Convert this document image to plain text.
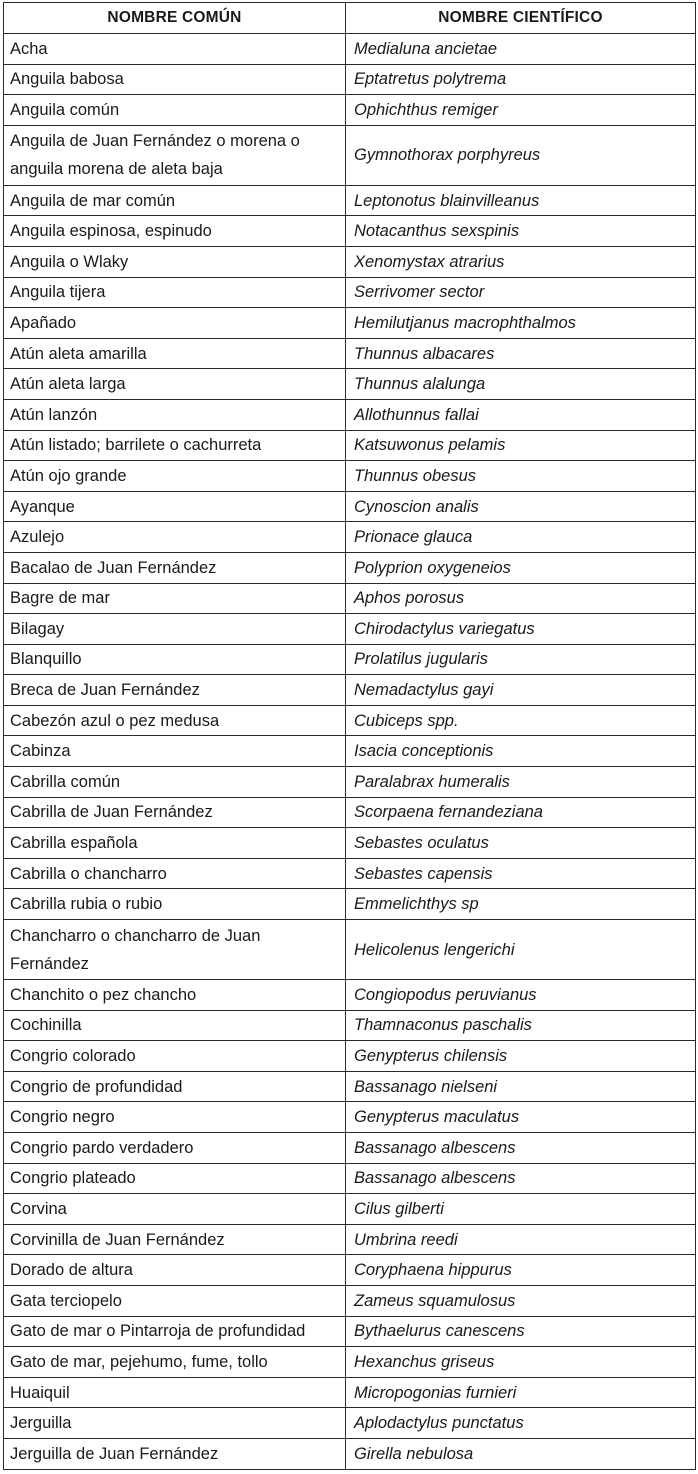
NOMBRE COMÚN	NOMBRE CIENTÍFICO
Acha	Medialuna ancietae
Anguila babosa	Eptatretus polytrema
Anguila común	Ophichthus remiger
Anguila de Juan Fernández o morena o anguila morena de aleta baja	Gymnothorax porphyreus
Anguila de mar común	Leptonotus blainvilleanus
Anguila espinosa, espinudo	Notacanthus sexspinis
Anguila o Wlaky	Xenomystax atrarius
Anguila tijera	Serrivomer sector
Apañado	Hemilutjanus macrophthalmos
Atún aleta amarilla	Thunnus albacares
Atún aleta larga	Thunnus alalunga
Atún lanzón	Allothunnus fallai
Atún listado; barrilete o cachurreta	Katsuwonus pelamis
Atún ojo grande	Thunnus obesus
Ayanque	Cynoscion analis
Azulejo	Prionace glauca
Bacalao de Juan Fernández	Polyprion oxygeneios
Bagre de mar	Aphos porosus
Bilagay	Chirodactylus variegatus
Blanquillo	Prolatilus jugularis
Breca de Juan Fernández	Nemadactylus gayi
Cabezón azul o pez medusa	Cubiceps spp.
Cabinza	Isacia conceptionis
Cabrilla común	Paralabrax humeralis
Cabrilla de Juan Fernández	Scorpaena fernandeziana
Cabrilla española	Sebastes oculatus
Cabrilla o chancharro	Sebastes capensis
Cabrilla rubia o rubio	Emmelichthys sp
Chancharro o chancharro de Juan Fernández	Helicolenus lengerichi
Chanchito o pez chancho	Congiopodus peruvianus
Cochinilla	Thamnaconus paschalis
Congrio colorado	Genypterus chilensis
Congrio de profundidad	Bassanago nielseni
Congrio negro	Genypterus maculatus
Congrio pardo verdadero	Bassanago albescens
Congrio plateado	Bassanago albescens
Corvina	Cilus gilberti
Corvinilla de Juan Fernández	Umbrina reedi
Dorado de altura	Coryphaena hippurus
Gata terciopelo	Zameus squamulosus
Gato de mar o Pintarroja de profundidad	Bythaelurus canescens
Gato de mar, pejehumo, fume, tollo	Hexanchus griseus
Huaiquil	Micropogonias furnieri
Jerguilla	Aplodactylus punctatus
Jerguilla de Juan Fernández	Girella nebulosa
